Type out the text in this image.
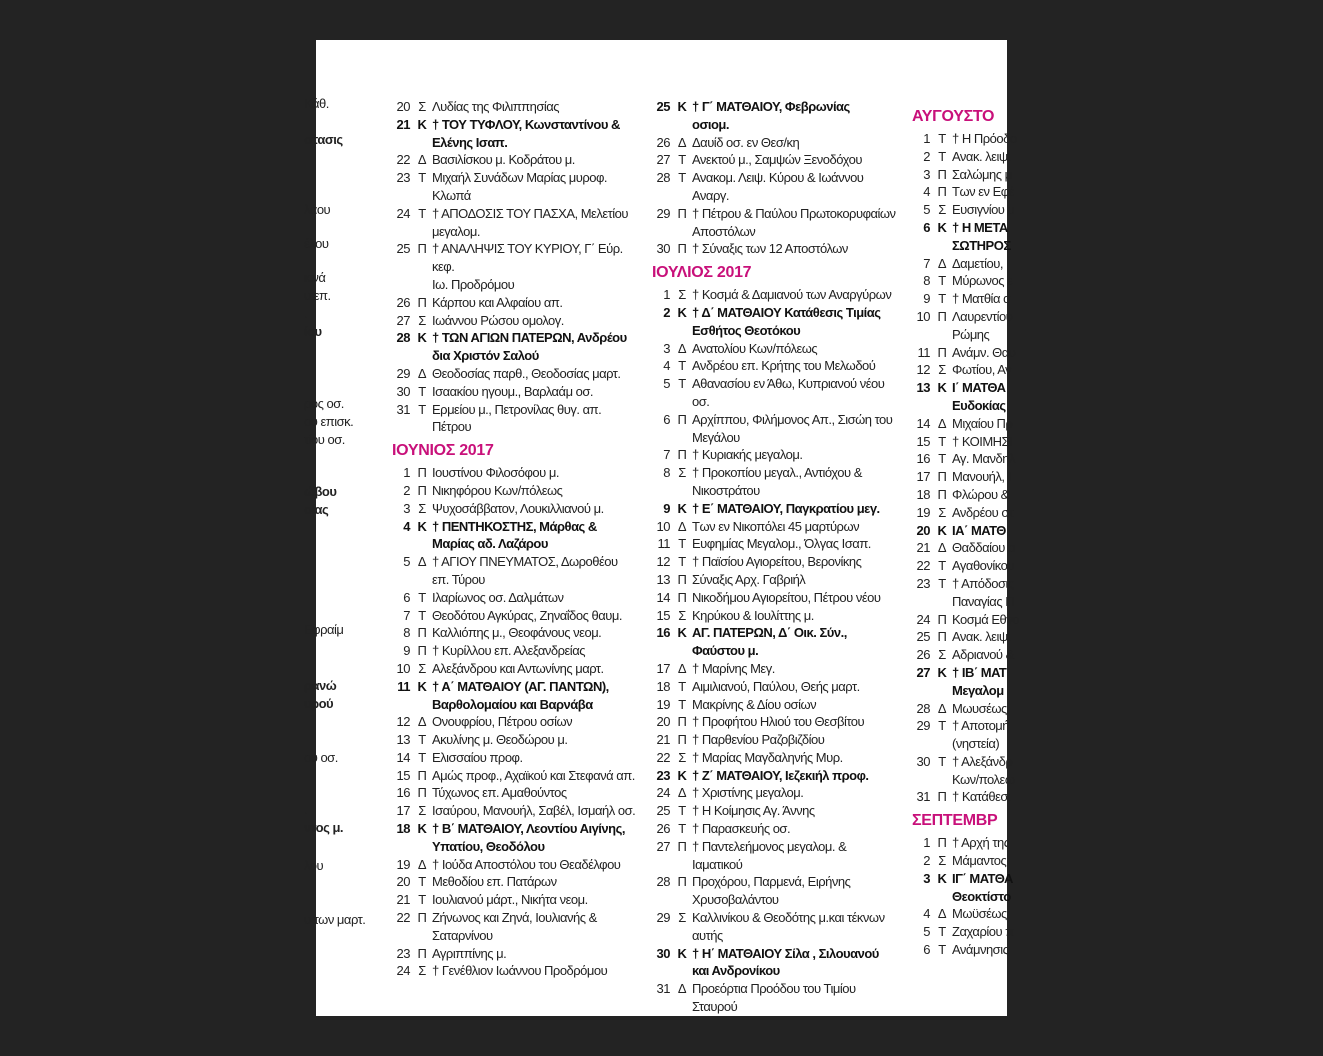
Κάθ.
στασις
λάου
έλου
κινά
υ επ.
.
ίου
ρος οσ.
ου επισκ.
τίου οσ.
ώβου
οίας
Εφραίμ
ρανώ
υρού
ου οσ.
.
ντος μ.
λου
υ των μαρτ.
20 Σ Λυδίας της Φιλιππησίας
21 Κ † ΤΟΥ ΤΥΦΛΟΥ, Κωνσταντίνου &
Ελένης Ισαπ.
22 Δ Βασιλίσκου μ. Κοδράτου μ.
23 Τ Μιχαήλ Συνάδων Μαρίας μυροφ.
Κλωπά
24 Τ † ΑΠΟΔΟΣΙΣ ΤΟΥ ΠΑΣΧΑ, Μελετίου
μεγαλομ.
25 Π † ΑΝΑΛΗΨΙΣ ΤΟΥ ΚΥΡΙΟΥ, Γ΄ Εύρ. κεφ.
Ιω. Προδρόμου
26 Π Κάρπου και Αλφαίου απ.
27 Σ Ιωάννου Ρώσου ομολογ.
28 Κ † ΤΩΝ ΑΓΙΩΝ ΠΑΤΕΡΩΝ, Ανδρέου
δια Χριστόν Σαλού
29 Δ Θεοδοσίας παρθ., Θεοδοσίας μαρτ.
30 Τ Ισαακίου ηγουμ., Βαρλαάμ οσ.
31 Τ Ερμείου μ., Πετρονίλας θυγ. απ. Πέτρου
ΙΟΥΝΙΟΣ 2017
1 Π Ιουστίνου Φιλοσόφου μ.
2 Π Νικηφόρου Κων/πόλεως
3 Σ Ψυχοσάββατον, Λουκιλλιανού μ.
4 Κ † ΠΕΝΤΗΚΟΣΤΗΣ, Μάρθας &
Μαρίας αδ. Λαζάρου
5 Δ † ΑΓΙΟΥ ΠΝΕΥΜΑΤΟΣ, Δωροθέου
επ. Τύρου
6 Τ Ιλαρίωνος οσ. Δαλμάτων
7 Τ Θεοδότου Αγκύρας, Ζηναΐδος θαυμ.
8 Π Καλλιόπης μ., Θεοφάνους νεομ.
9 Π † Κυρίλλου επ. Αλεξανδρείας
10 Σ Αλεξάνδρου και Αντωνίνης μαρτ.
11 Κ † Α΄ ΜΑΤΘΑΙΟΥ (ΑΓ. ΠΑΝΤΩΝ),
Βαρθολομαίου και Βαρνάβα
12 Δ Ονουφρίου, Πέτρου οσίων
13 Τ Ακυλίνης μ. Θεοδώρου μ.
14 Τ Ελισσαίου προφ.
15 Π Αμώς προφ., Αχαϊκού και Στεφανά απ.
16 Π Τύχωνος επ. Αμαθούντος
17 Σ Ισαύρου, Μανουήλ, Σαβέλ, Ισμαήλ οσ.
18 Κ † Β΄ ΜΑΤΘΑΙΟΥ, Λεοντίου Αιγίνης,
Υπατίου, Θεοδόλου
19 Δ † Ιούδα Αποστόλου του Θεαδέλφου
20 Τ Μεθοδίου επ. Πατάρων
21 Τ Ιουλιανού μάρτ., Νικήτα νεομ.
22 Π Ζήνωνος και Ζηνά, Ιουλιανής &
Σαταρνίνου
23 Π Αγριππίνης μ.
24 Σ † Γενέθλιον Ιωάννου Προδρόμου
25 Κ † Γ΄ ΜΑΤΘΑΙΟΥ, Φεβρωνίας
οσιομ.
26 Δ Δαυίδ οσ. εν Θεσ/κη
27 Τ Ανεκτού μ., Σαμψών Ξενοδόχου
28 Τ Ανακομ. Λειψ. Κύρου & Ιωάννου Αναργ.
29 Π † Πέτρου & Παύλου Πρωτοκορυφαίων
Αποστόλων
30 Π † Σύναξις των 12 Αποστόλων
ΙΟΥΛΙΟΣ 2017
1 Σ † Κοσμά & Δαμιανού των Αναργύρων
2 Κ † Δ΄ ΜΑΤΘΑΙΟΥ Κατάθεσις Τιμίας
Εσθήτος Θεοτόκου
3 Δ Ανατολίου Κων/πόλεως
4 Τ Ανδρέου επ. Κρήτης του Μελωδού
5 Τ Αθανασίου εν Άθω, Κυπριανού νέου οσ.
6 Π Αρχίππου, Φιλήμονος Απ., Σισώη του
Μεγάλου
7 Π † Κυριακής μεγαλομ.
8 Σ † Προκοπίου μεγαλ., Αντιόχου &
Νικοστράτου
9 Κ † Ε΄ ΜΑΤΘΑΙΟΥ, Παγκρατίου μεγ.
10 Δ Των εν Νικοπόλει 45 μαρτύρων
11 Τ Ευφημίας Μεγαλομ., Όλγας Ισαπ.
12 Τ † Παϊσίου Αγιορείτου, Βερονίκης
13 Π Σύναξις Αρχ. Γαβριήλ
14 Π Νικοδήμου Αγιορείτου, Πέτρου νέου
15 Σ Κηρύκου & Ιουλίττης μ.
16 Κ ΑΓ. ΠΑΤΕΡΩΝ, Δ΄ Οικ. Σύν.,
Φαύστου μ.
17 Δ † Μαρίνης Μεγ.
18 Τ Αιμιλιανού, Παύλου, Θεής μαρτ.
19 Τ Μακρίνης & Δίου οσίων
20 Π † Προφήτου Ηλιού του Θεσβίτου
21 Π † Παρθενίου Ραζοβιζδίου
22 Σ † Μαρίας Μαγδαληνής Μυρ.
23 Κ † Ζ΄ ΜΑΤΘΑΙΟΥ, Ιεζεκιήλ προφ.
24 Δ † Χριστίνης μεγαλομ.
25 Τ † Η Κοίμησις Αγ. Άννης
26 Τ † Παρασκευής οσ.
27 Π † Παντελεήμονος μεγαλομ. & Ιαματικού
28 Π Προχόρου, Παρμενά, Ειρήνης
Χρυσοβαλάντου
29 Σ Καλλινίκου & Θεοδότης μ.και τέκνων
αυτής
30 Κ † Η΄ ΜΑΤΘΑΙΟΥ Σίλα , Σιλουανού
και Ανδρονίκου
31 Δ Προεόρτια Προόδου του Τιμίου Σταυρού
ΑΥΓΟΥΣΤΟ
1 Τ † Η Πρόοδο
2 Τ Ανακ. λειψ.
3 Π Σαλώμης μ
4 Π Των εν Εφέ
5 Σ Ευσιγνίου μ
6 Κ † Η ΜΕΤΑ
ΣΩΤΗΡΟΣ
7 Δ Δαμετίου,
8 Τ Μύρωνος ε
9 Τ † Ματθία α
10 Π Λαυρεντίου
Ρώμης
11 Π Ανάμν. Θαυ
12 Σ Φωτίου, Αν
13 Κ Ι΄ ΜΑΤΘΑ
Ευδοκίας
14 Δ Μιχαίου Πρ
15 Τ † ΚΟΙΜΗΣΙ
16 Τ Αγ. Μανδηλ
17 Π Μανουήλ, Ι
18 Π Φλώρου &
19 Σ Ανδρέου στ
20 Κ ΙΑ΄ ΜΑΤΘ
21 Δ Θαδδαίου α
22 Τ Αγαθονίκου
23 Τ † Απόδοσις
Παναγίας Π
24 Π Κοσμά Εθνο
25 Π Ανακ. λειψ.
26 Σ Αδριανού &
27 Κ † ΙΒ΄ ΜΑΤ
Μεγαλομ
28 Δ Μωυσέως
29 Τ † Αποτομή
(νηστεία)
30 Τ † Αλεξάνδρ
Κων/πολεω
31 Π † Κατάθεσι
ΣΕΠΤΕΜΒΡ
1 Π † Αρχή της
2 Σ Μάμαντος
3 Κ ΙΓ΄ ΜΑΤΘΑ
Θεοκτίστο
4 Δ Μωϋσέως
5 Τ Ζαχαρίου π
6 Τ Ανάμνησις
